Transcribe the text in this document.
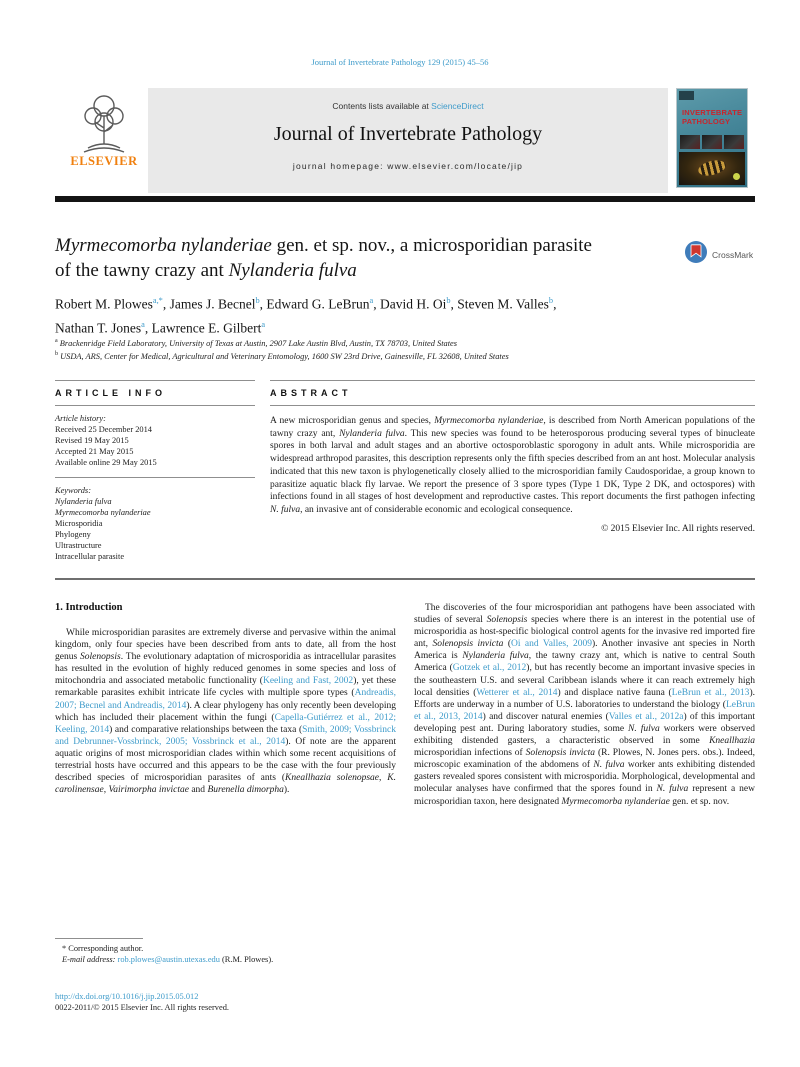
Journal of Invertebrate Pathology 129 (2015) 45–56
ELSEVIER
Contents lists available at ScienceDirect
Journal of Invertebrate Pathology
journal homepage: www.elsevier.com/locate/jip
INVERTEBRATE
PATHOLOGY
Myrmecomorba nylanderiae gen. et sp. nov., a microsporidian parasite
of the tawny crazy ant Nylanderia fulva
CrossMark
Robert M. Plowes$^{a,*}$, James J. Becnel$^b$, Edward G. LeBrun$^a$, David H. Oi$^b$, Steven M. Valles$^b$,
Nathan T. Jones$^a$, Lawrence E. Gilbert$^a$
$^a$ Brackenridge Field Laboratory, University of Texas at Austin, 2907 Lake Austin Blvd, Austin, TX 78703, United States
$^b$ USDA, ARS, Center for Medical, Agricultural and Veterinary Entomology, 1600 SW 23rd Drive, Gainesville, FL 32608, United States
ARTICLE INFO
Article history:
Received 25 December 2014
Revised 19 May 2015
Accepted 21 May 2015
Available online 29 May 2015
Keywords:
Nylanderia fulva
Myrmecomorba nylanderiae
Microsporidia
Phylogeny
Ultrastructure
Intracellular parasite
ABSTRACT
A new microsporidian genus and species, Myrmecomorba nylanderiae, is described from North American populations of the tawny crazy ant, Nylanderia fulva. This new species was found to be heterosporous producing several types of binucleate spores in both larval and adult stages and an abortive octosporoblastic sporogony in adult ants. While microsporidia are widespread arthropod parasites, this description represents only the fifth species described from an ant host. Molecular analysis indicated that this new taxon is phylogenetically closely allied to the microsporidian family Caudosporidae, a group known to parasitize aquatic black fly larvae. We report the presence of 3 spore types (Type 1 DK, Type 2 DK, and octospores) with infections found in all stages of host development and reproductive castes. This report documents the first pathogen infecting N. fulva, an invasive ant of considerable economic and ecological consequence.
© 2015 Elsevier Inc. All rights reserved.
1. Introduction

While microsporidian parasites are extremely diverse and pervasive within the animal kingdom, only four species have been described from ants to date, all from the host genus Solenopsis. The evolutionary adaptation of microsporidia as intracellular parasites has resulted in the evolution of highly reduced genomes in some species and loss of mitochondria and associated metabolic functionality (Keeling and Fast, 2002), yet these remarkable parasites exhibit intricate life cycles with multiple spore types (Andreadis, 2007; Becnel and Andreadis, 2014). A clear phylogeny has only recently been developing which has included their placement within the fungi (Capella-Gutiérrez et al., 2012; Keeling, 2014) and comparative relationships between the taxa (Smith, 2009; Vossbrinck and Debrunner-Vossbrinck, 2005; Vossbrinck et al., 2014). Of note are the apparent aquatic origins of most microsporidian clades within which some recent acquisitions of terrestrial hosts have occurred and this appears to be the case with the four previously described species of microsporidian parasites of ants (Kneallhazia solenopsae, K. carolinensae, Vairimorpha invictae and Burenella dimorpha).

The discoveries of the four microsporidian ant pathogens have been associated with studies of several Solenopsis species where there is an interest in the potential use of microsporidia as host-specific biological control agents for the invasive red imported fire ant, Solenopsis invicta (Oi and Valles, 2009). Another invasive ant species in North America is Nylanderia fulva, the tawny crazy ant, which is native to central South America (Gotzek et al., 2012), but has recently become an important invasive species in the southeastern U.S. and several Caribbean islands where it can reach extremely high local densities (Wetterer et al., 2014) and displace native fauna (LeBrun et al., 2013). Efforts are underway in a number of U.S. laboratories to understand the biology (LeBrun et al., 2013, 2014) and discover natural enemies (Valles et al., 2012a) of this important developing pest ant. During laboratory studies, some N. fulva workers were observed exhibiting distended gasters, a characteristic observed in some Kneallhazia microsporidian infections of Solenopsis invicta (R. Plowes, N. Jones pers. obs.). Indeed, microscopic examination of the abdomens of N. fulva worker ants exhibiting distended gasters revealed spores consistent with microsporidia. Morphological, developmental and molecular analyses have confirmed that the spores found in N. fulva represent a new microsporidian taxon, here designated Myrmecomorba nylanderiae gen. et sp. nov.

* Corresponding author.
E-mail address: rob.plowes@austin.utexas.edu (R.M. Plowes).
http://dx.doi.org/10.1016/j.jip.2015.05.012
0022-2011/© 2015 Elsevier Inc. All rights reserved.
